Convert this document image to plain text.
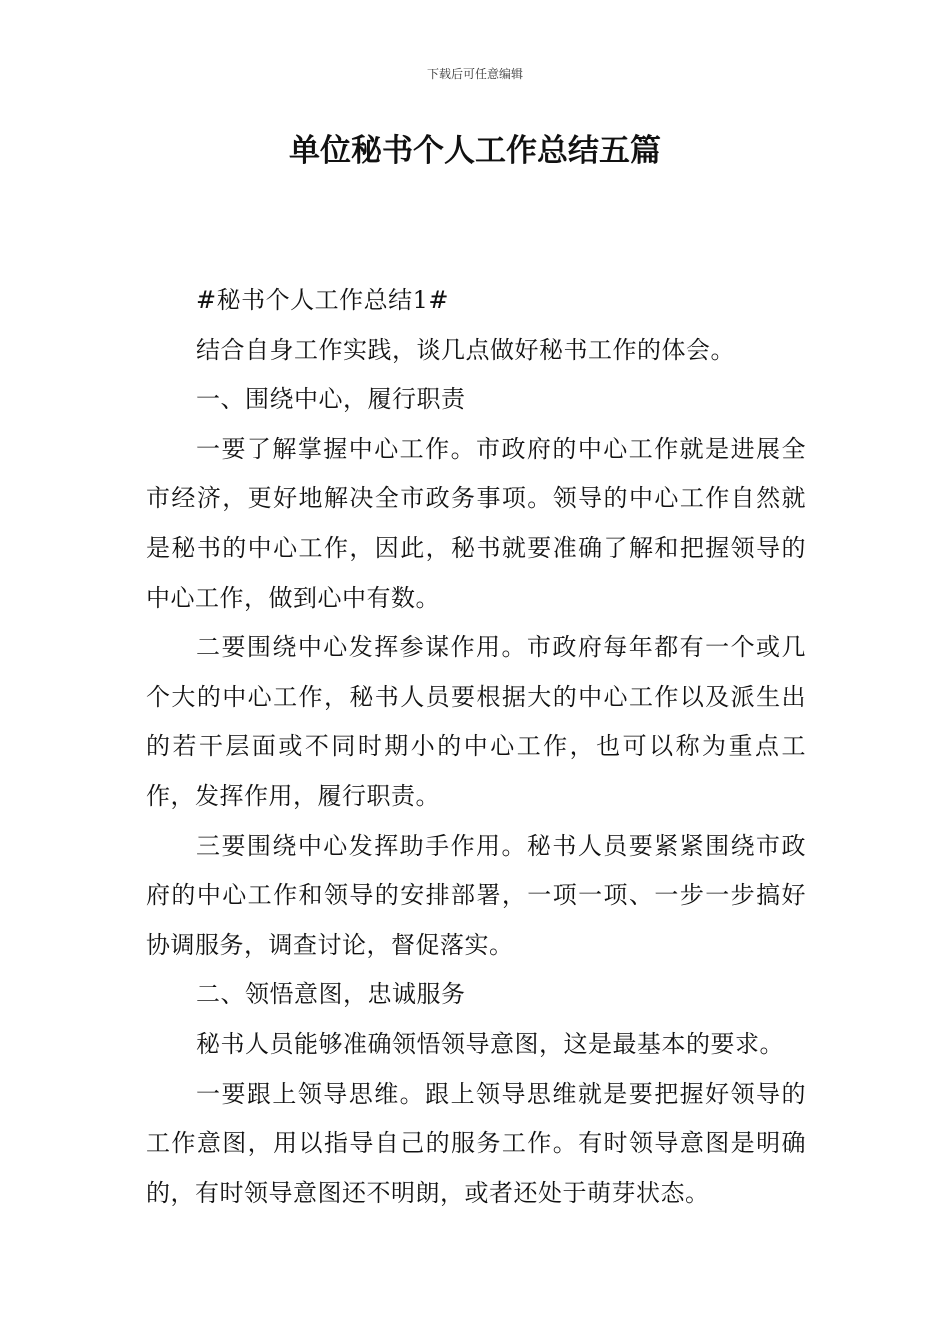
下载后可任意编辑
单位秘书个人工作总结五篇

#秘书个人工作总结1#

结合自身工作实践，谈几点做好秘书工作的体会。

一、围绕中心，履行职责

一要了解掌握中心工作。市政府的中心工作就是进展全市经济，更好地解决全市政务事项。领导的中心工作自然就是秘书的中心工作，因此，秘书就要准确了解和把握领导的中心工作，做到心中有数。

二要围绕中心发挥参谋作用。市政府每年都有一个或几个大的中心工作，秘书人员要根据大的中心工作以及派生出的若干层面或不同时期小的中心工作，也可以称为重点工作，发挥作用，履行职责。

三要围绕中心发挥助手作用。秘书人员要紧紧围绕市政府的中心工作和领导的安排部署，一项一项、一步一步搞好协调服务，调查讨论，督促落实。

二、领悟意图，忠诚服务

秘书人员能够准确领悟领导意图，这是最基本的要求。

一要跟上领导思维。跟上领导思维就是要把握好领导的工作意图，用以指导自己的服务工作。有时领导意图是明确的，有时领导意图还不明朗，或者还处于萌芽状态。
